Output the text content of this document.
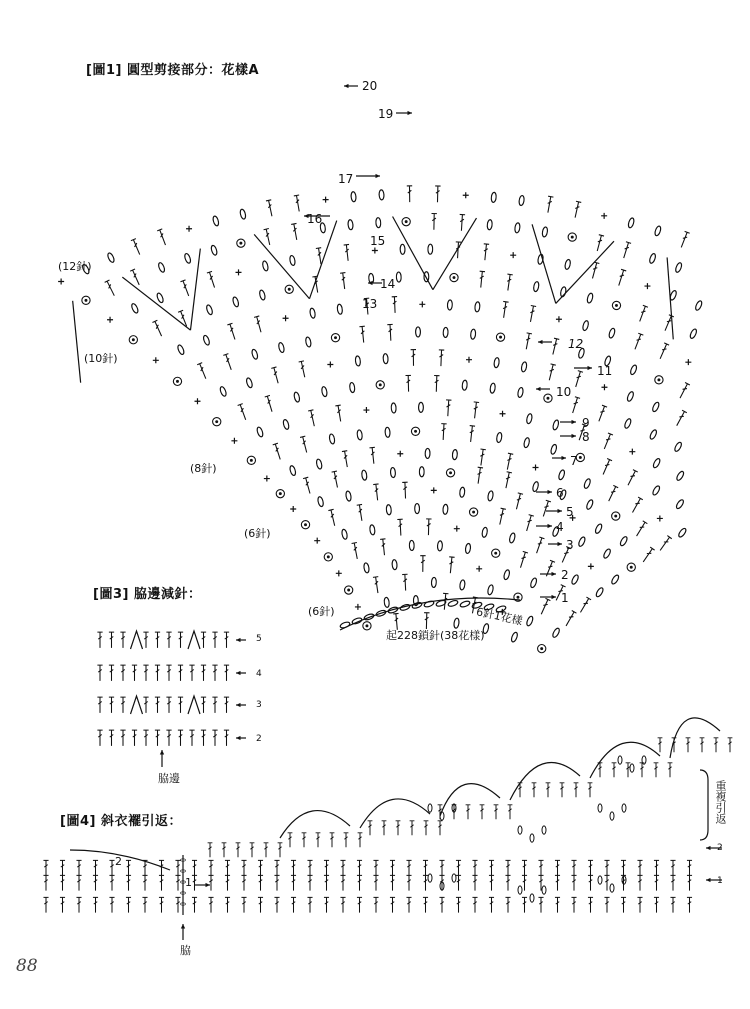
[圖1] 圓型剪接部分：花樣A
(12針)
(10針)
(8針)
(6針)
(6針)	6針1花樣
起228鎖針(38花樣)
1
2
3
4
5
6
7
8
9
10
11
12
13
14
15
16
17
19
20
[圖3] 脇邊減針：
5
4
3
2
脇邊
[圖4] 斜衣襬引返：	重複引返
2
1
2
1
脇
88
